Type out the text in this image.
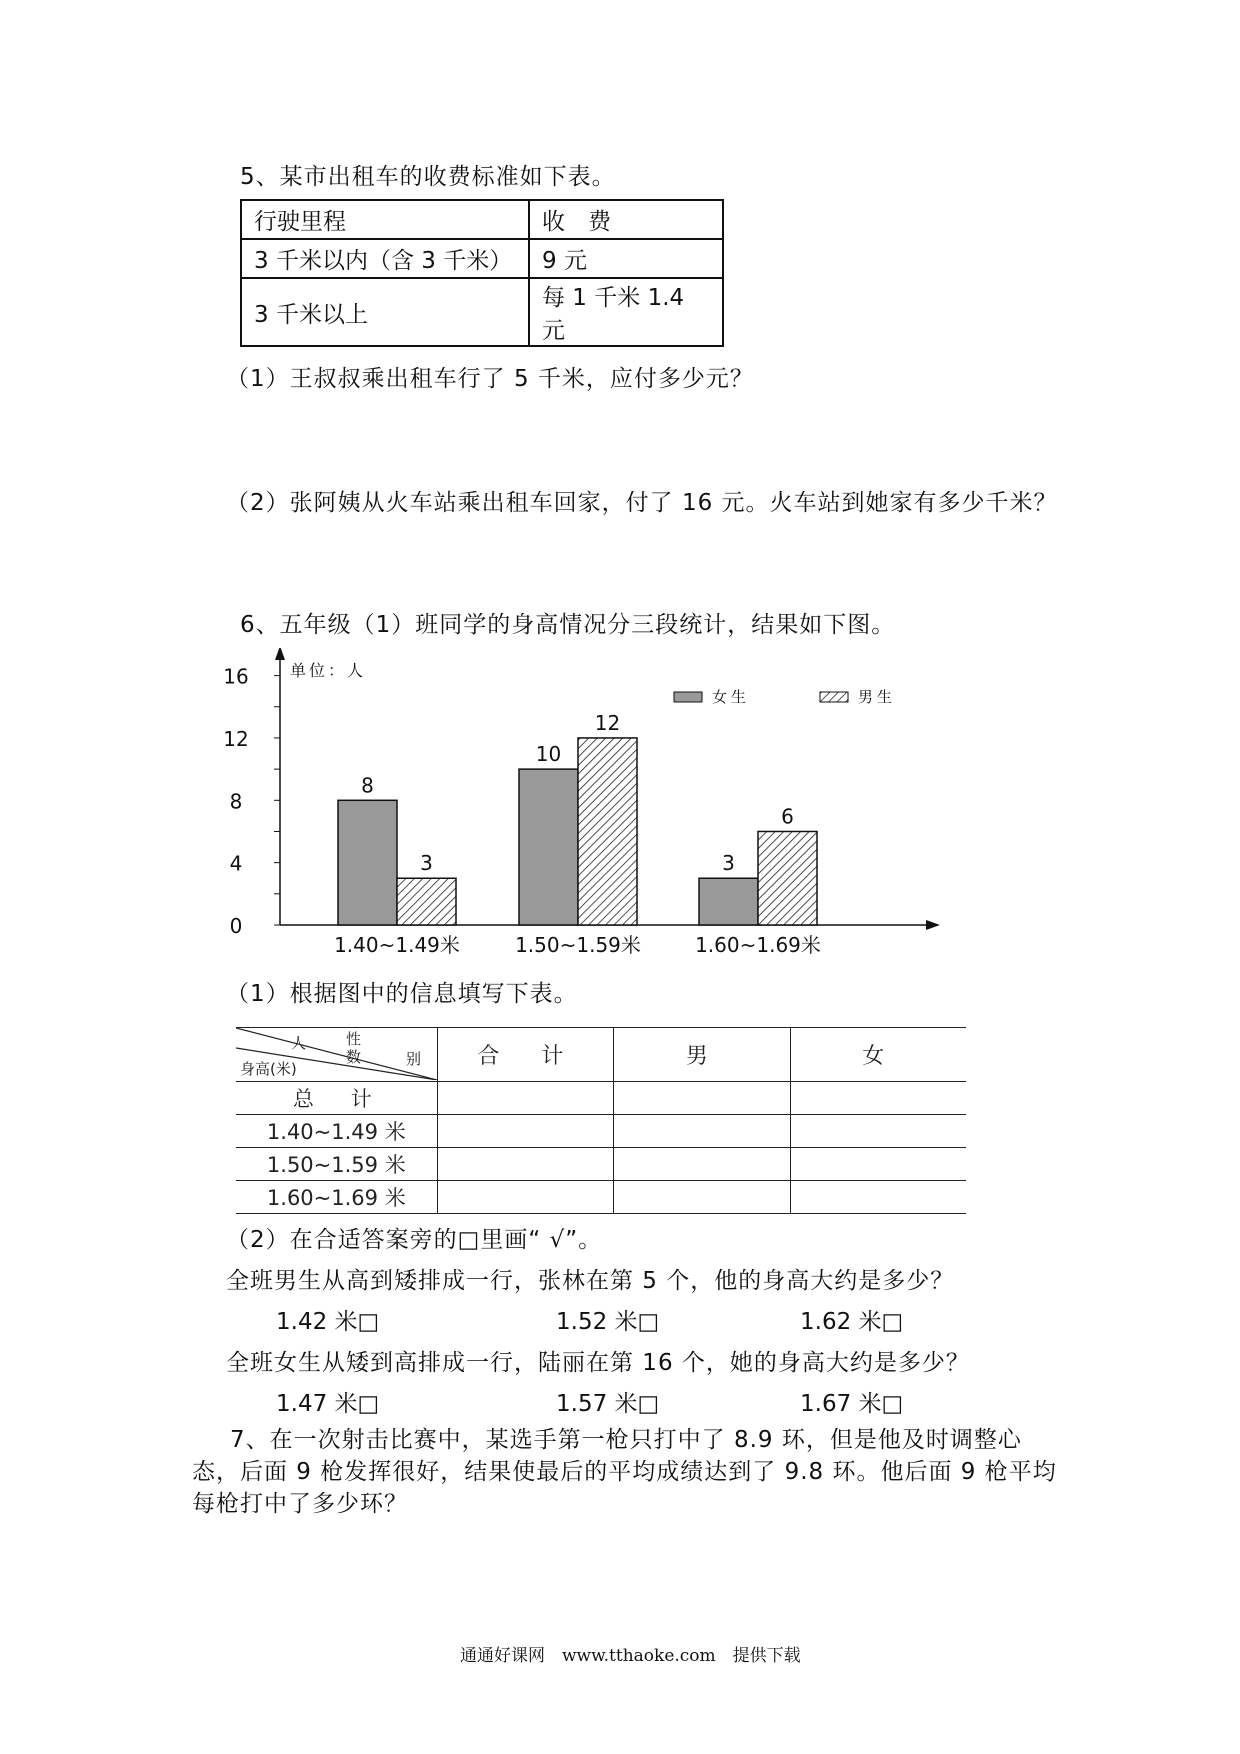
5、某市出租车的收费标准如下表。
行驶里程	收　费
3 千米以内（含 3 千米）	9 元
3 千米以上	每 1 千米 1.4 元
（1）王叔叔乘出租车行了 5 千米，应付多少元？
（2）张阿姨从火车站乘出租车回家，付了 16 元。火车站到她家有多少千米？
6、五年级（1）班同学的身高情况分三段统计，结果如下图。
0
4
8
12
16	单位：人
女生	男生
8
3
1.40~1.49米
10
12
1.50~1.59米
3
6
1.60~1.69米
（1）根据图中的信息填写下表。
性
人
数 别
身高(米)	合　计	男	女
总　计			
1.40~1.49 米			
1.50~1.59 米			
1.60~1.69 米			
（2）在合适答案旁的□里画“ √”。
全班男生从高到矮排成一行，张林在第 5 个，他的身高大约是多少？
1.42 米□	1.52 米□	1.62 米□
全班女生从矮到高排成一行，陆丽在第 16 个，她的身高大约是多少？
1.47 米□	1.57 米□	1.67 米□
7、在一次射击比赛中，某选手第一枪只打中了 8.9 环，但是他及时调整心
态，后面 9 枪发挥很好，结果使最后的平均成绩达到了 9.8 环。他后面 9 枪平均
每枪打中了多少环？
通通好课网　www.tthaoke.com　提供下载
